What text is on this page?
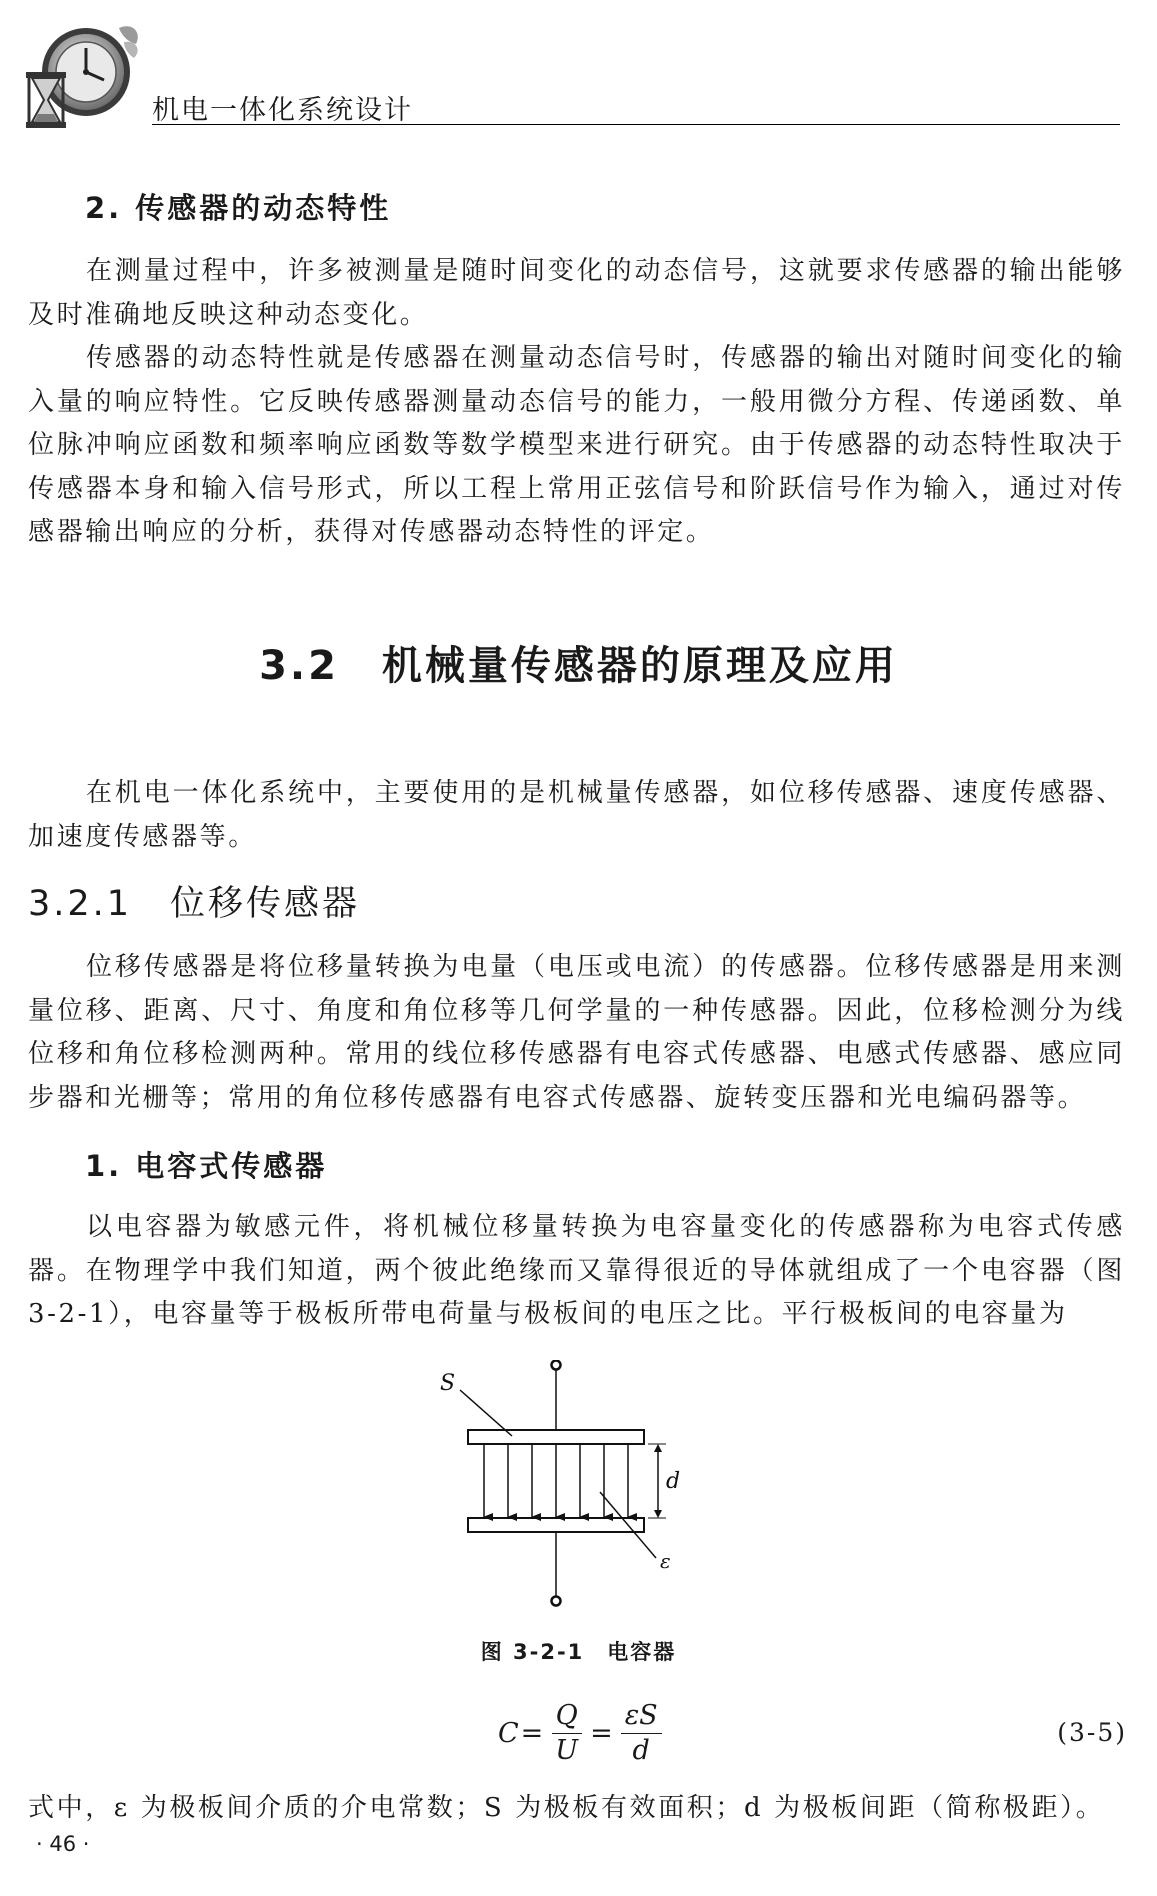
机电一体化系统设计
2. 传感器的动态特性

在测量过程中，许多被测量是随时间变化的动态信号，这就要求传感器的输出能够及时准确地反映这种动态变化。

传感器的动态特性就是传感器在测量动态信号时，传感器的输出对随时间变化的输入量的响应特性。它反映传感器测量动态信号的能力，一般用微分方程、传递函数、单位脉冲响应函数和频率响应函数等数学模型来进行研究。由于传感器的动态特性取决于传感器本身和输入信号形式，所以工程上常用正弦信号和阶跃信号作为输入，通过对传感器输出响应的分析，获得对传感器动态特性的评定。

3.2　机械量传感器的原理及应用

在机电一体化系统中，主要使用的是机械量传感器，如位移传感器、速度传感器、加速度传感器等。

3.2.1　位移传感器

位移传感器是将位移量转换为电量（电压或电流）的传感器。位移传感器是用来测量位移、距离、尺寸、角度和角位移等几何学量的一种传感器。因此，位移检测分为线位移和角位移检测两种。常用的线位移传感器有电容式传感器、电感式传感器、感应同步器和光栅等；常用的角位移传感器有电容式传感器、旋转变压器和光电编码器等。

1. 电容式传感器

以电容器为敏感元件，将机械位移量转换为电容量变化的传感器称为电容式传感器。在物理学中我们知道，两个彼此绝缘而又靠得很近的导体就组成了一个电容器（图3-2-1），电容量等于极板所带电荷量与极板间的电压之比。平行极板间的电容量为

d
S
ε
图 3-2-1　电容器
$C = \frac{Q}{U} = \frac{\varepsilon S}{d}$	(3-5)

式中，ε 为极板间介质的介电常数；S 为极板有效面积；d 为极板间距（简称极距）。

· 46 ·
